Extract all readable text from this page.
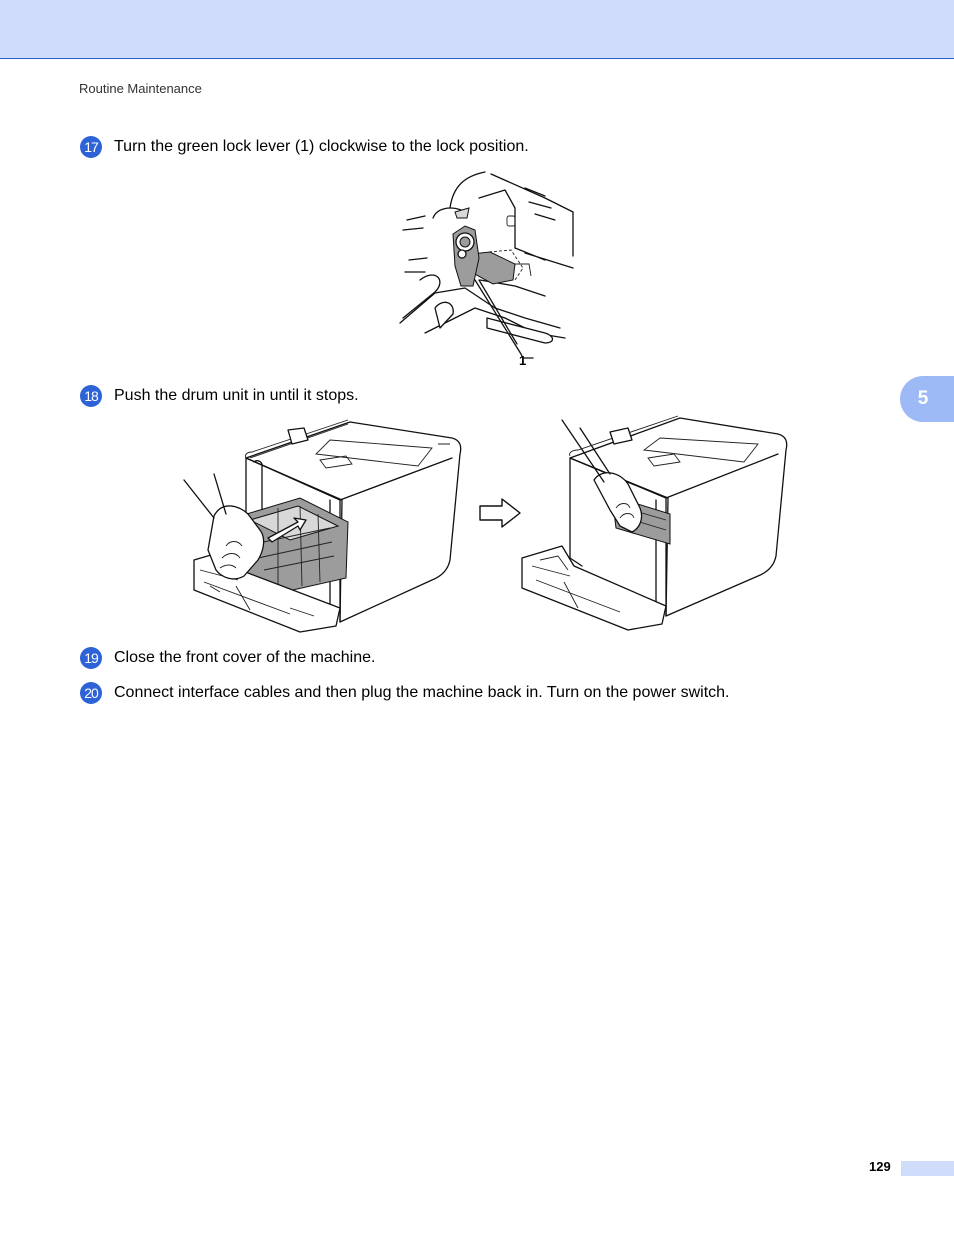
Routine Maintenance
17 Turn the green lock lever (1) clockwise to the lock position.
1
18 Push the drum unit in until it stops.
19 Close the front cover of the machine.
20 Connect interface cables and then plug the machine back in. Turn on the power switch.
5
129
